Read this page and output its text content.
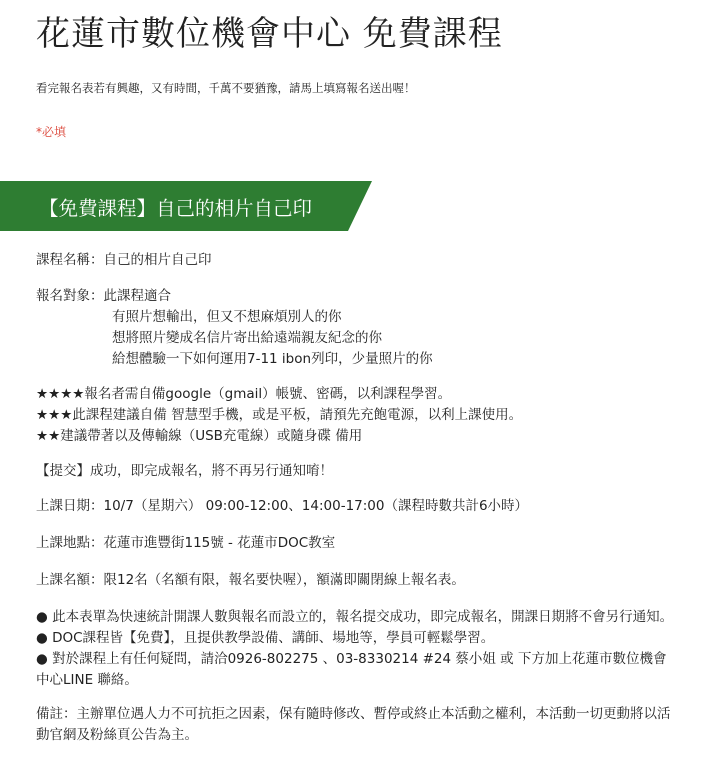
花蓮市數位機會中心 免費課程
看完報名表若有興趣，又有時間，千萬不要猶豫，請馬上填寫報名送出喔！
*必填
【免費課程】自己的相片自己印
課程名稱：自己的相片自己印
報名對象：此課程適合
有照片想輸出，但又不想麻煩別人的你
想將照片變成名信片寄出給遠端親友紀念的你
給想體驗一下如何運用7-11 ibon列印，少量照片的你
★★★★報名者需自備google（gmail）帳號、密碼，以利課程學習。
★★★此課程建議自備 智慧型手機，或是平板，請預先充飽電源，以利上課使用。
★★建議帶著以及傳輸線（USB充電線）或隨身碟 備用
【提交】成功，即完成報名，將不再另行通知唷！
上課日期：10/7（星期六） 09:00-12:00、14:00-17:00（課程時數共計6小時）
上課地點：花蓮市進豐街115號 - 花蓮市DOC教室
上課名額：限12名（名額有限，報名要快喔），額滿即關閉線上報名表。
● 此本表單為快速統計開課人數與報名而設立的，報名提交成功，即完成報名，開課日期將不會另行通知。
● DOC課程皆【免費】，且提供教學設備、講師、場地等，學員可輕鬆學習。
● 對於課程上有任何疑問，請洽0926-802275 、03-8330214 #24 蔡小姐 或 下方加上花蓮市數位機會中心LINE 聯絡。
備註：主辦單位遇人力不可抗拒之因素，保有隨時修改、暫停或終止本活動之權利，本活動一切更動將以活動官網及粉絲頁公告為主。
